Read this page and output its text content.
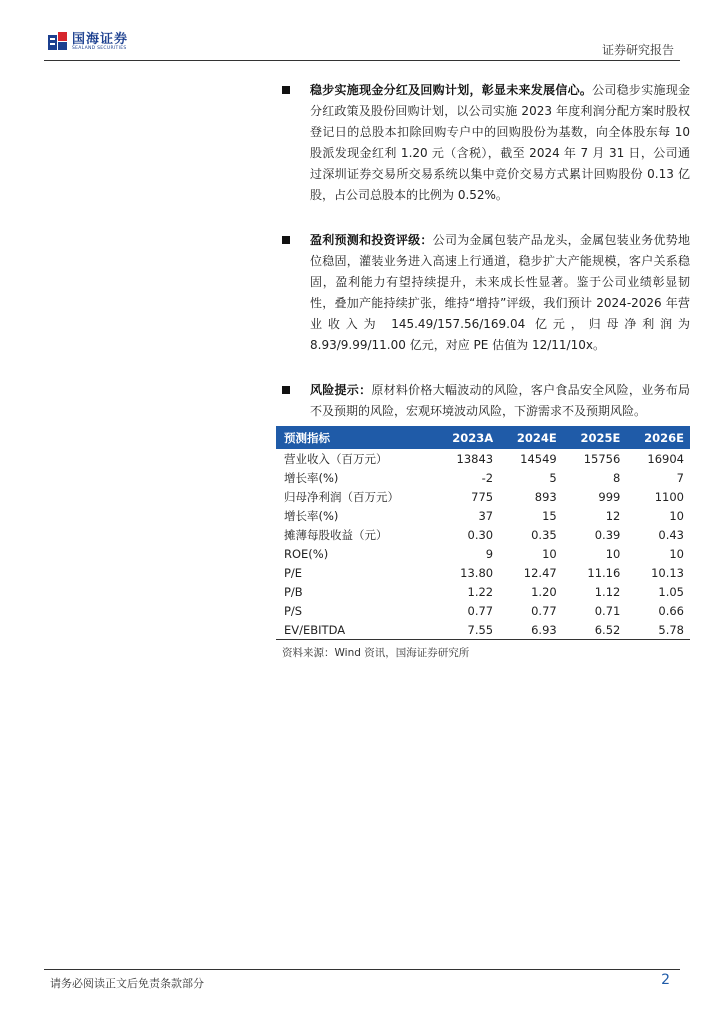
国海证券
SEALAND SECURITIES	证券研究报告
稳步实施现金分红及回购计划，彰显未来发展信心。公司稳步实施现金分红政策及股份回购计划，以公司实施 2023 年度利润分配方案时股权登记日的总股本扣除回购专户中的回购股份为基数，向全体股东每 10 股派发现金红利 1.20 元（含税），截至 2024 年 7 月 31 日，公司通过深圳证券交易所交易系统以集中竞价交易方式累计回购股份 0.13 亿股，占公司总股本的比例为 0.52%。
盈利预测和投资评级：公司为金属包装产品龙头，金属包装业务优势地位稳固，灌装业务进入高速上行通道，稳步扩大产能规模，客户关系稳固，盈利能力有望持续提升，未来成长性显著。鉴于公司业绩彰显韧性，叠加产能持续扩张，维持“增持”评级，我们预计 2024-2026 年营业收入为 145.49/157.56/169.04 亿元，归母净利润为 8.93/9.99/11.00 亿元，对应 PE 估值为 12/11/10x。
风险提示：原材料价格大幅波动的风险，客户食品安全风险，业务布局不及预期的风险，宏观环境波动风险，下游需求不及预期风险。
预测指标	2023A	2024E	2025E	2026E
营业收入（百万元）	13843	14549	15756	16904
增长率(%)	-2	5	8	7
归母净利润（百万元）	775	893	999	1100
增长率(%)	37	15	12	10
摊薄每股收益（元）	0.30	0.35	0.39	0.43
ROE(%)	9	10	10	10
P/E	13.80	12.47	11.16	10.13
P/B	1.22	1.20	1.12	1.05
P/S	0.77	0.77	0.71	0.66
EV/EBITDA	7.55	6.93	6.52	5.78
资料来源：Wind 资讯，国海证券研究所
请务必阅读正文后免责条款部分	2
